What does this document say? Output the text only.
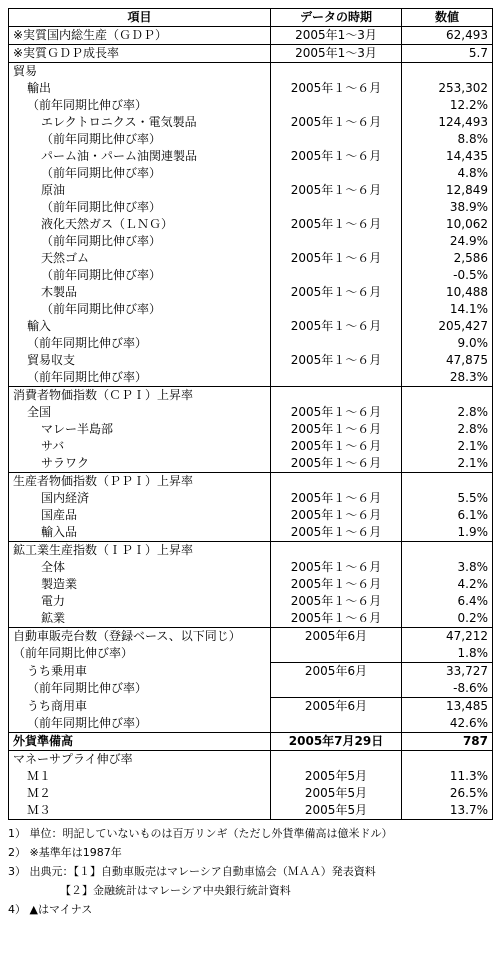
項目	データの時期	数値
※実質国内総生産（ＧＤＰ）	2005年1〜3月	62,493
※実質ＧＤＰ成長率	2005年1〜3月	5.7
貿易		
輸出	2005年１〜６月	253,302
（前年同期比伸び率）		12.2%
エレクトロニクス・電気製品	2005年１〜６月	124,493
（前年同期比伸び率）		8.8%
パーム油・パーム油関連製品	2005年１〜６月	14,435
（前年同期比伸び率）		4.8%
原油	2005年１〜６月	12,849
（前年同期比伸び率）		38.9%
液化天然ガス（ＬＮＧ）	2005年１〜６月	10,062
（前年同期比伸び率）		24.9%
天然ゴム	2005年１〜６月	2,586
（前年同期比伸び率）		-0.5%
木製品	2005年１〜６月	10,488
（前年同期比伸び率）		14.1%
輸入	2005年１〜６月	205,427
（前年同期比伸び率）		9.0%
貿易収支	2005年１〜６月	47,875
（前年同期比伸び率）		28.3%
消費者物価指数（ＣＰＩ）上昇率		
全国	2005年１〜６月	2.8%
マレー半島部	2005年１〜６月	2.8%
サバ	2005年１〜６月	2.1%
サラワク	2005年１〜６月	2.1%
生産者物価指数（ＰＰＩ）上昇率		
国内経済	2005年１〜６月	5.5%
国産品	2005年１〜６月	6.1%
輸入品	2005年１〜６月	1.9%
鉱工業生産指数（ＩＰＩ）上昇率		
全体	2005年１〜６月	3.8%
製造業	2005年１〜６月	4.2%
電力	2005年１〜６月	6.4%
鉱業	2005年１〜６月	0.2%
自動車販売台数（登録ベース、以下同じ）	2005年6月	47,212
（前年同期比伸び率）		1.8%
うち乗用車	2005年6月	33,727
（前年同期比伸び率）		-8.6%
うち商用車	2005年6月	13,485
（前年同期比伸び率）		42.6%
外貨準備高	2005年7月29日	787
マネーサプライ伸び率		
Ｍ１	2005年5月	11.3%
Ｍ２	2005年5月	26.5%
Ｍ３	2005年5月	13.7%
1） 単位：明記していないものは百万リンギ（ただし外貨準備高は億米ドル）
2） ※基準年は1987年
3） 出典元：【１】自動車販売はマレーシア自動車協会（ＭＡＡ）発表資料
【２】金融統計はマレーシア中央銀行統計資料
4） ▲はマイナス
